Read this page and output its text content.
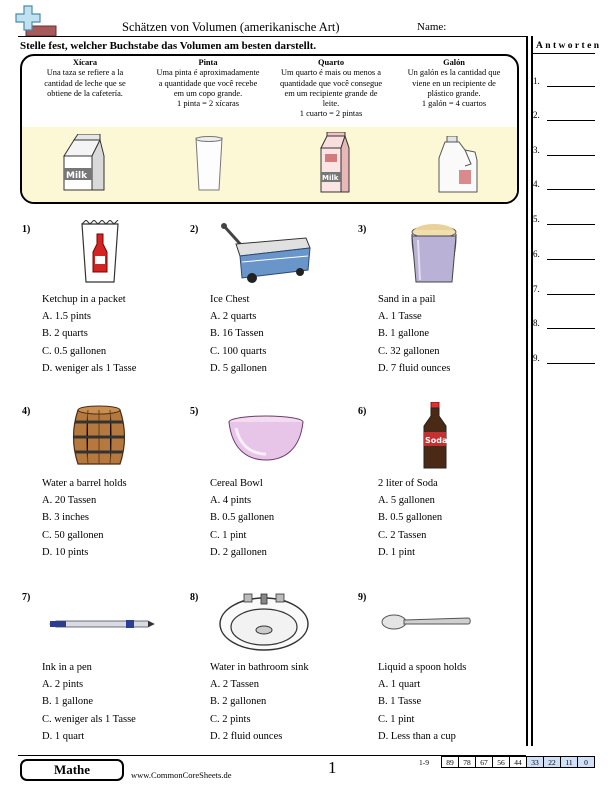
Schätzen von Volumen (amerikanische Art)	Name:
Stelle fest, welcher Buchstabe das Volumen am besten darstellt.	Antworten
1.
2.
3.
4.
5.
6.
7.
8.
9.
Xícara
Una taza se refiere a la
cantidad de leche que se
obtiene de la cafetería.
Pinta
Uma pinta é aproximadamente
a quantidade que você recebe
em um copo grande.
1 pinta = 2 xícaras
Quarto
Um quarto é mais ou menos a
quantidade que você consegue
em um recipiente grande de
leite.
1 cuarto = 2 pintas
Galón
Un galón es la cantidad que
viene en un recipiente de
plástico grande.
1 galón = 4 cuartos
Milk	Milk
1)
Ketchup in a packet
A. 1.5 pints
B. 2 quarts
C. 0.5 gallonen
D. weniger als 1 Tasse
2)
Ice Chest
A. 2 quarts
B. 16 Tassen
C. 100 quarts
D. 5 gallonen
3)
Sand in a pail
A. 1 Tasse
B. 1 gallone
C. 32 gallonen
D. 7 fluid ounces
4)
Water a barrel holds
A. 20 Tassen
B. 3 inches
C. 50 gallonen
D. 10 pints
5)
Cereal Bowl
A. 4 pints
B. 0.5 gallonen
C. 1 pint
D. 2 gallonen
6)
Soda
2 liter of Soda
A. 5 gallonen
B. 0.5 gallonen
C. 2 Tassen
D. 1 pint
7)
Ink in a pen
A. 2 pints
B. 1 gallone
C. weniger als 1 Tasse
D. 1 quart
8)
Water in bathroom sink
A. 2 Tassen
B. 2 gallonen
C. 2 pints
D. 2 fluid ounces
9)
Liquid a spoon holds
A. 1 quart
B. 1 Tasse
C. 1 pint
D. Less than a cup
Mathe	www.CommonCoreSheets.de	1	1-9 89	78	67	56	44	33	22	11	0
